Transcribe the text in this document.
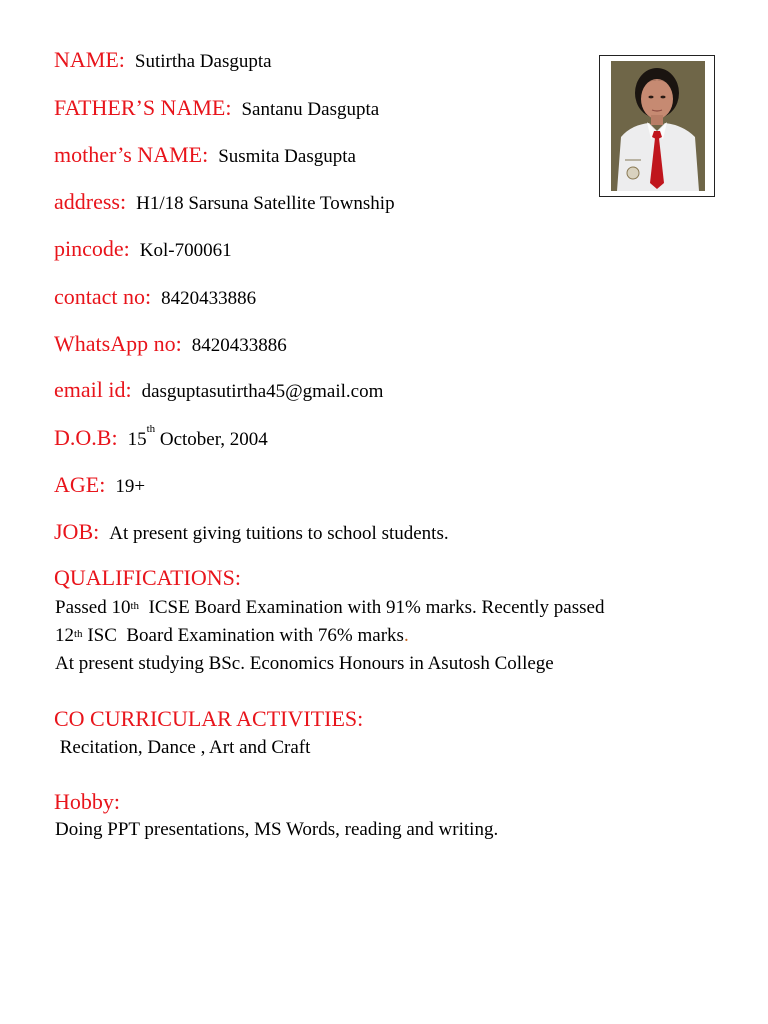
NAME: Sutirtha Dasgupta
FATHER’S NAME: Santanu Dasgupta
mother’s NAME: Susmita Dasgupta
address: H1/18 Sarsuna Satellite Township
pincode: Kol-700061
contact no: 8420433886
WhatsApp no: 8420433886
email id: dasguptasutirtha45@gmail.com
D.O.B: 15th October, 2004
AGE: 19+
JOB: At present giving tuitions to school students.
QUALIFICATIONS:
Passed 10th  ICSE Board Examination with 91% marks. Recently passed
12th ISC  Board Examination with 76% marks.
At present studying BSc. Economics Honours in Asutosh College
CO CURRICULAR ACTIVITIES:
Recitation, Dance , Art and Craft
Hobby:
Doing PPT presentations, MS Words, reading and writing.
